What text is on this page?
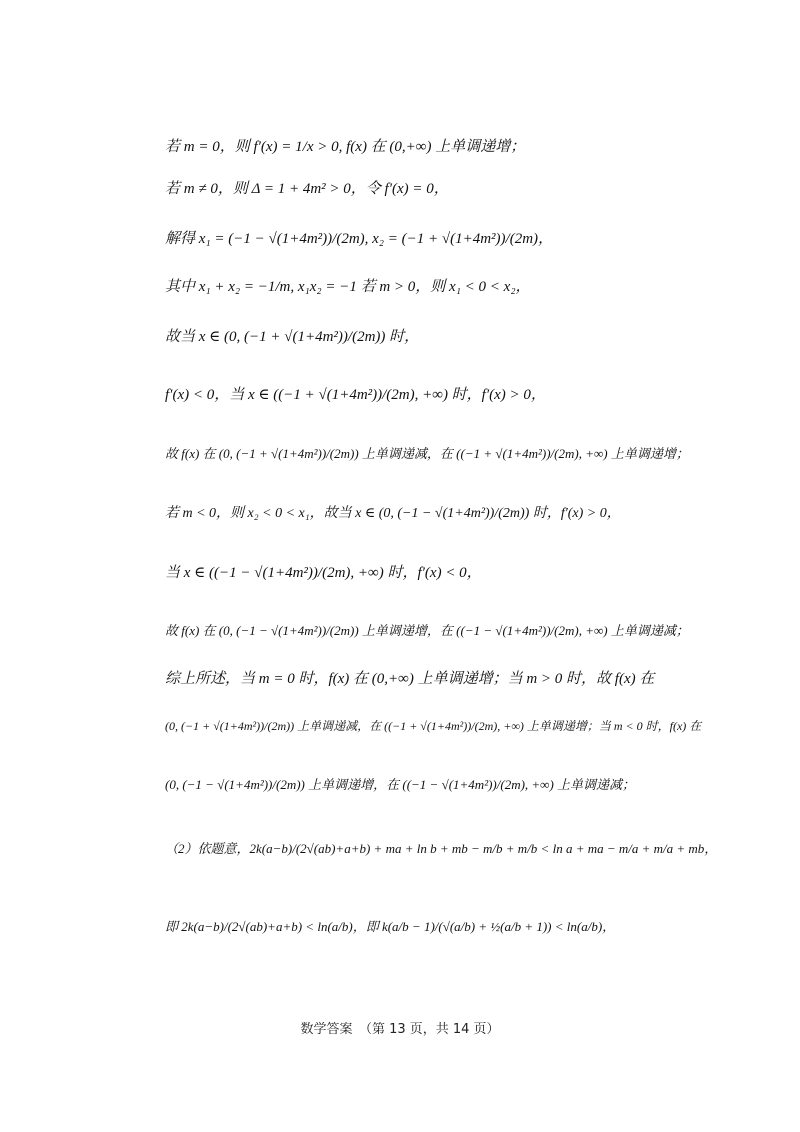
若 m = 0，则 f′(x) = 1/x > 0, f(x) 在 (0,+∞) 上单调递增；
若 m ≠ 0，则 Δ = 1 + 4m² > 0，令 f′(x) = 0，
解得 x₁ = (−1 − √(1+4m²))/(2m), x₂ = (−1 + √(1+4m²))/(2m)，
其中 x₁ + x₂ = −1/m, x₁x₂ = −1 若 m > 0，则 x₁ < 0 < x₂，
故当 x ∈ (0, (−1 + √(1+4m²))/(2m)) 时，
f′(x) < 0，当 x ∈ ((−1 + √(1+4m²))/(2m), +∞) 时，f′(x) > 0，
故 f(x) 在 (0, (−1 + √(1+4m²))/(2m)) 上单调递减，在 ((−1 + √(1+4m²))/(2m), +∞) 上单调递增；
若 m < 0，则 x₂ < 0 < x₁，故当 x ∈ (0, (−1 − √(1+4m²))/(2m)) 时，f′(x) > 0，
当 x ∈ ((−1 − √(1+4m²))/(2m), +∞) 时，f′(x) < 0，
故 f(x) 在 (0, (−1 − √(1+4m²))/(2m)) 上单调递增，在 ((−1 − √(1+4m²))/(2m), +∞) 上单调递减；
综上所述，当 m = 0 时，f(x) 在 (0,+∞) 上单调递增；当 m > 0 时，故 f(x) 在
(0, (−1 + √(1+4m²))/(2m)) 上单调递减，在 ((−1 + √(1+4m²))/(2m), +∞) 上单调递增；当 m < 0 时，f(x) 在
(0, (−1 − √(1+4m²))/(2m)) 上单调递增，在 ((−1 − √(1+4m²))/(2m), +∞) 上单调递减；
（2）依题意，2k(a−b)/(2√(ab)+a+b) + ma + ln b + mb − m/b + m/b < ln a + ma − m/a + m/a + mb，
即 2k(a−b)/(2√(ab)+a+b) < ln(a/b)，即 k(a/b − 1)/(√(a/b) + ½(a/b + 1)) < ln(a/b)，
数学答案　（第 13 页，共 14 页）
